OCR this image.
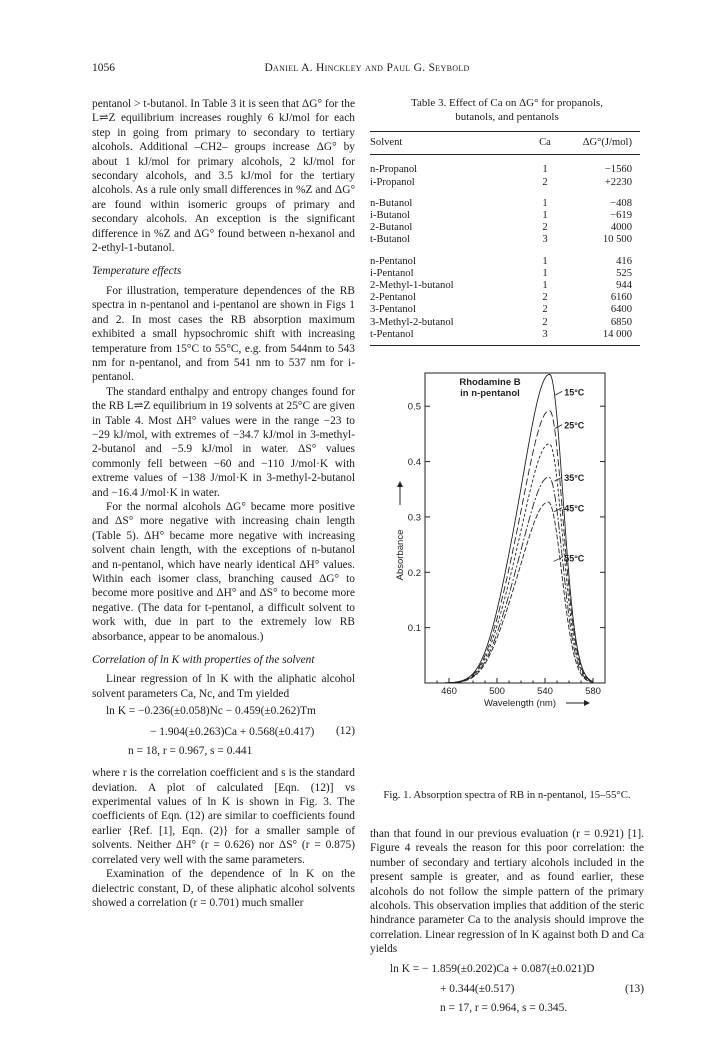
1056	Daniel A. Hinckley and Paul G. Seybold

pentanol > t-butanol. In Table 3 it is seen that ΔG° for the L⇌Z equilibrium increases roughly 6 kJ/mol for each step in going from primary to secondary to tertiary alcohols. Additional –CH2– groups increase ΔG° by about 1 kJ/mol for primary alcohols, 2 kJ/mol for secondary alcohols, and 3.5 kJ/mol for the tertiary alcohols. As a rule only small differences in %Z and ΔG° are found within isomeric groups of primary and secondary alcohols. An exception is the significant difference in %Z and ΔG° found between n-hexanol and 2-ethyl-1-butanol.

Temperature effects

For illustration, temperature dependences of the RB spectra in n-pentanol and i-pentanol are shown in Figs 1 and 2. In most cases the RB absorption maximum exhibited a small hypsochromic shift with increasing temperature from 15°C to 55°C, e.g. from 544nm to 543 nm for n-pentanol, and from 541 nm to 537 nm for i-pentanol.

The standard enthalpy and entropy changes found for the RB L⇌Z equilibrium in 19 solvents at 25°C are given in Table 4. Most ΔH° values were in the range −23 to −29 kJ/mol, with extremes of −34.7 kJ/mol in 3-methyl-2-butanol and −5.9 kJ/mol in water. ΔS° values commonly fell between −60 and −110 J/mol·K with extreme values of −138 J/mol·K in 3-methyl-2-butanol and −16.4 J/mol·K in water.

For the normal alcohols ΔG° became more positive and ΔS° more negative with increasing chain length (Table 5). ΔH° became more negative with increasing solvent chain length, with the exceptions of n-butanol and n-pentanol, which have nearly identical ΔH° values. Within each isomer class, branching caused ΔG° to become more positive and ΔH° and ΔS° to become more negative. (The data for t-pentanol, a difficult solvent to work with, due in part to the extremely low RB absorbance, appear to be anomalous.)

Correlation of ln K with properties of the solvent

Linear regression of ln K with the aliphatic alcohol solvent parameters Ca, Nc, and Tm yielded

ln K = −0.236(±0.058)Nc − 0.459(±0.262)Tm
− 1.904(±0.263)Ca + 0.568(±0.417)	(12)
n = 18, r = 0.967, s = 0.441

where r is the correlation coefficient and s is the standard deviation. A plot of calculated [Eqn. (12)] vs experimental values of ln K is shown in Fig. 3. The coefficients of Eqn. (12) are similar to coefficients found earlier {Ref. [1], Eqn. (2)} for a smaller sample of solvents. Neither ΔH° (r = 0.626) nor ΔS° (r = 0.875) correlated very well with the same parameters.

Examination of the dependence of ln K on the dielectric constant, D, of these aliphatic alcohol solvents showed a correlation (r = 0.701) much smaller

Table 3. Effect of Ca on ΔG° for propanols,
butanols, and pentanols
Solvent	Ca	ΔG°(J/mol)
n-Propanol	1	−1560
i-Propanol	2	+2230
n-Butanol	1	−408
i-Butanol	1	−619
2-Butanol	2	4000
t-Butanol	3	10 500
n-Pentanol	1	416
i-Pentanol	1	525
2-Methyl-1-butanol	1	944
2-Pentanol	2	6160
3-Pentanol	2	6400
3-Methyl-2-butanol	2	6850
t-Pentanol	3	14 000
0.1
0.2
0.3
0.4
0.5
460	500	540	580
Wavelength (nm)
Absorbance
Rhodamine B
in n-pentanol	15°C
25°C
35°C
45°C
55°C
Fig. 1. Absorption spectra of RB in n-pentanol, 15–55°C.

than that found in our previous evaluation (r = 0.921) [1]. Figure 4 reveals the reason for this poor correlation: the number of secondary and tertiary alcohols included in the present sample is greater, and as found earlier, these alcohols do not follow the simple pattern of the primary alcohols. This observation implies that addition of the steric hindrance parameter Ca to the analysis should improve the correlation. Linear regression of ln K against both D and Ca yields

ln K = − 1.859(±0.202)Ca + 0.087(±0.021)D
+ 0.344(±0.517)	(13)
n = 17, r = 0.964, s = 0.345.
